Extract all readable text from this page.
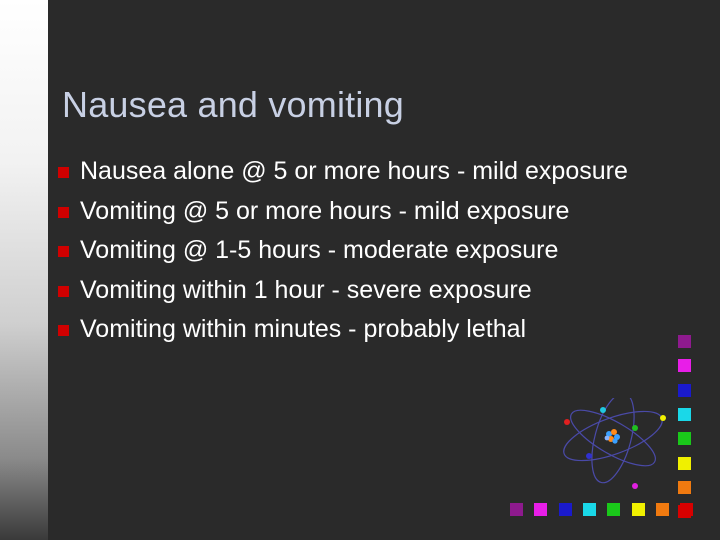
Nausea and vomiting
Nausea alone @ 5 or more hours - mild exposure
Vomiting @ 5 or more hours - mild exposure
Vomiting @ 1-5 hours - moderate exposure
Vomiting within 1 hour - severe exposure
Vomiting within minutes - probably lethal
